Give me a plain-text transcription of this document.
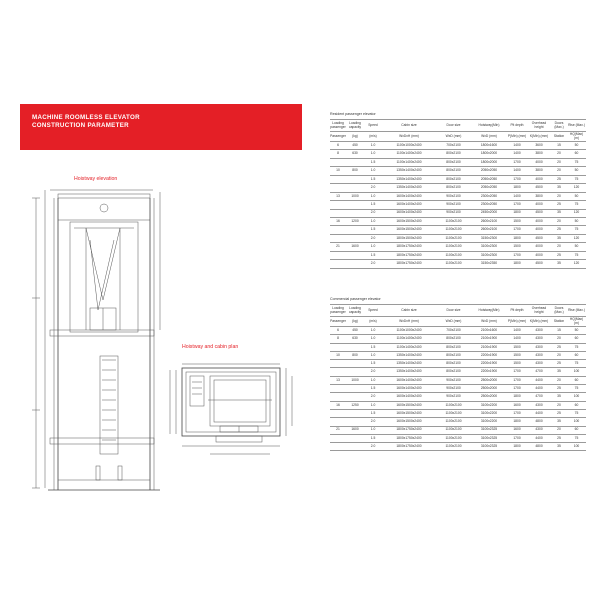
MACHINE ROOMLESS ELEVATOR
CONSTRUCTION PARAMETER
Hoistway elevation
Hoistway and cabin plan
Resident passenger elevator
Loading passenger	Loading capacity	Speed	Cabin size	Door size	Hoistway(Min)	Pit depth	Overhead height	Doors (Max.)	Rise (Max.)
Passenger	(kg)	(m/s)	WxDxH (mm)	WxD (mm)	WxD (mm)	P(Min) (mm)	K(Min) (mm)	Station	HQ(Max) (m)
6	450	1.0	1100x1000x2400	700x2100	1800x1600	1400	3600	15	50
8	630	1.0	1100x1400x2400	800x2100	1800x2000	1400	3800	20	60
		1.5	1100x1400x2400	800x2100	1800x2000	1700	4000	20	75
10	800	1.0	1350x1400x2400	800x2100	2050x2050	1400	3800	20	50
		1.5	1350x1400x2400	800x2100	2050x2050	1700	4000	25	75
		2.0	1350x1400x2400	800x2100	2050x2050	1800	4500	35	120
13	1000	1.0	1600x1400x2400	900x2100	2300x2050	1400	3800	20	50
		1.5	1600x1400x2400	900x2100	2300x2050	1700	4000	25	75
		2.0	1600x1400x2400	900x2100	2450x2000	1800	4500	35	120
16	1200	1.0	1600x1500x2400	1100x2100	2600x2100	1500	4000	20	50
		1.5	1600x1500x2400	1100x2100	2600x2100	1700	4000	25	75
		2.0	1800x1500x2400	1100x2100	3150x2300	1800	4500	35	120
21	1600	1.0	1800x1750x2400	1100x2100	3100x2300	1500	4000	20	50
		1.5	1800x1750x2400	1100x2100	3100x2300	1700	4000	25	75
		2.0	1800x1750x2400	1100x2100	3150x2350	1800	4500	35	120
Commercial passenger elevator
Loading passenger	Loading capacity	Speed	Cabin size	Door size	Hoistway(Min)	Pit depth	Overhead height	Doors (Max.)	Rise (Max.)
Passenger	(kg)	(m/s)	WxDxH (mm)	WxD (mm)	WxD (mm)	P(Min) (mm)	K(Min) (mm)	Station	HQ(Max) (m)
6	450	1.0	1100x1000x2400	700x2100	2100x1600	1400	4300	15	50
8	630	1.0	1100x1400x2400	800x2100	2100x1900	1400	4300	20	60
		1.5	1100x1400x2400	800x2100	2100x1900	1500	4300	25	75
10	800	1.0	1350x1400x2400	800x2100	2200x1900	1500	4300	20	60
		1.5	1350x1400x2400	800x2100	2200x1900	1500	4300	25	75
		2.0	1350x1400x2400	800x2100	2200x1900	1700	4700	35	100
13	1000	1.0	1600x1400x2400	900x2100	2500x2000	1700	4400	20	60
		1.5	1600x1400x2400	900x2100	2500x2000	1700	4400	25	75
		2.0	1600x1400x2400	900x2100	2500x2000	1800	4700	35	100
16	1250	1.0	1600x1500x2400	1100x2100	3100x2200	1600	4300	20	60
		1.5	1600x1500x2400	1100x2100	3100x2200	1700	4400	25	75
		2.0	1600x1500x2400	1100x2100	3100x2200	1800	4800	35	100
21	1600	1.0	1800x1750x2400	1100x2100	3100x2325	1600	4300	20	60
		1.5	1800x1750x2400	1100x2100	3100x2325	1700	4400	25	75
		2.0	1800x1750x2400	1100x2100	3100x2325	1800	4800	35	100
